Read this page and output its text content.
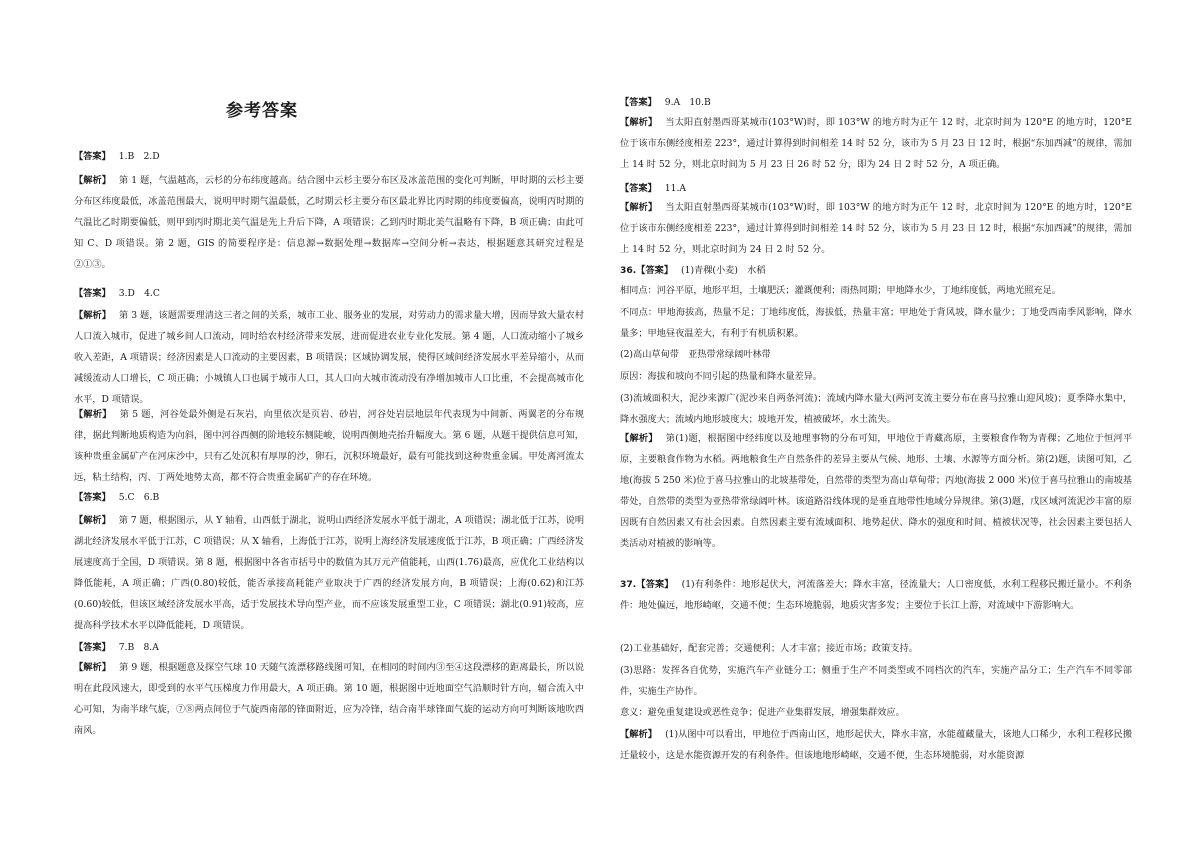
参考答案

【答案】 1.B　2.D

【解析】 第 1 题，气温越高，云杉的分布纬度越高。结合图中云杉主要分布区及冰盖范围的变化可判断，甲时期的云杉主要分布区纬度最低，冰盖范围最大，说明甲时期气温最低，乙时期云杉主要分布区最北界比丙时期的纬度要偏高，说明丙时期的气温比乙时期要偏低，则甲到丙时期北美气温是先上升后下降，A 项错误；乙到丙时期北美气温略有下降，B 项正确；由此可知 C、D 项错误。第 2 题，GIS 的简要程序是：信息源→数据处理→数据库→空间分析→表达，根据题意其研究过程是②①③。

【答案】 3.D　4.C

【解析】 第 3 题，该题需要理清这三者之间的关系，城市工业、服务业的发展，对劳动力的需求量大增，因而导致大量农村人口流入城市，促进了城乡间人口流动，同时给农村经济带来发展，进而促进农业专业化发展。第 4 题，人口流动缩小了城乡收入差距，A 项错误；经济因素是人口流动的主要因素，B 项错误；区域协调发展，使得区域间经济发展水平差异缩小，从而减缓流动人口增长，C 项正确；小城镇人口也属于城市人口，其人口向大城市流动没有净增加城市人口比重，不会提高城市化水平，D 项错误。

【解析】 第 5 题，河谷处最外侧是石灰岩，向里依次是页岩、砂岩，河谷处岩层地层年代表现为中间新、两翼老的分布规律，据此判断地质构造为向斜，图中河谷西侧的阶地较东侧陡峻，说明西侧地壳抬升幅度大。第 6 题，从题干提供信息可知，该种贵重金属矿产在河床沙中，只有乙处沉积有厚厚的沙，卵石，沉积环境最好，最有可能找到这种贵重金属。甲处离河流太远，粘土结构，丙、丁两处地势太高，都不符合贵重金属矿产的存在环境。

【答案】 5.C　6.B

【解析】 第 7 题，根据图示，从 Y 轴看，山西低于湖北，说明山西经济发展水平低于湖北，A 项错误；湖北低于江苏，说明湖北经济发展水平低于江苏，C 项错误；从 X 轴看，上海低于江苏，说明上海经济发展速度低于江苏，B 项正确；广西经济发展速度高于全国，D 项错误。第 8 题，根据图中各省市括号中的数值为其万元产值能耗，山西(1.76)最高，应优化工业结构以降低能耗，A 项正确；广西(0.80)较低，能否承接高耗能产业取决于广西的经济发展方向，B 项错误；上海(0.62)和江苏(0.60)较低，但该区域经济发展水平高，适于发展技术导向型产业，而不应该发展重型工业，C 项错误；湖北(0.91)较高，应提高科学技术水平以降低能耗，D 项错误。

【答案】 7.B　8.A

【解析】 第 9 题，根据题意及探空气球 10 天随气流漂移路线图可知，在相同的时间内③至④这段漂移的距离最长，所以说明在此段风速大，即受到的水平气压梯度力作用最大，A 项正确。第 10 题，根据图中近地面空气沿顺时针方向，辐合流入中心可知，为南半球气旋，⑦⑧两点间位于气旋西南部的锋面附近，应为冷锋，结合南半球锋面气旋的运动方向可判断该地吹西南风。

【答案】 9.A　10.B

【解析】 当太阳直射墨西哥某城市(103°W)时，即 103°W 的地方时为正午 12 时，北京时间为 120°E 的地方时，120°E 位于该市东侧经度相差 223°，通过计算得到时间相差 14 时 52 分，该市为 5 月 23 日 12 时，根据“东加西减”的规律，需加上 14 时 52 分，则北京时间为 5 月 23 日 26 时 52 分，即为 24 日 2 时 52 分，A 项正确。

【答案】 11.A

【解析】 当太阳直射墨西哥某城市(103°W)时，即 103°W 的地方时为正午 12 时，北京时间为 120°E 的地方时，120°E 位于该市东侧经度相差 223°，通过计算得到时间相差 14 时 52 分，该市为 5 月 23 日 12 时，根据“东加西减”的规律，需加上 14 时 52 分，则北京时间为 24 日 2 时 52 分。

36.【答案】 (1)青稞(小麦)　水稻

相同点：河谷平原，地形平坦，土壤肥沃；灌溉便利；雨热同期；甲地降水少，丁地纬度低，两地光照充足。

不同点：甲地海拔高，热量不足；丁地纬度低，海拔低，热量丰富；甲地处于背风坡，降水量少；丁地受西南季风影响，降水量多；甲地昼夜温差大，有利于有机质积累。

(2)高山草甸带　亚热带常绿阔叶林带

原因：海拔和坡向不同引起的热量和降水量差异。

(3)流域面积大，泥沙来源广(泥沙来自两条河流)；流域内降水量大(两河支流主要分布在喜马拉雅山迎风坡)；夏季降水集中，降水强度大；流域内地形坡度大；坡地开发，植被破坏，水土流失。

【解析】 第(1)题，根据图中经纬度以及地理事物的分布可知，甲地位于青藏高原，主要粮食作物为青稞；乙地位于恒河平原，主要粮食作物为水稻。两地粮食生产自然条件的差异主要从气候、地形、土壤、水源等方面分析。第(2)题，读图可知，乙地(海拔 5 250 米)位于喜马拉雅山的北坡基带处，自然带的类型为高山草甸带；丙地(海拔 2 000 米)位于喜马拉雅山的南坡基带处，自然带的类型为亚热带常绿阔叶林。该道路沿线体现的是垂直地带性地域分异规律。第(3)题，戊区域河流泥沙丰富的原因既有自然因素又有社会因素。自然因素主要有流域面积、地势起伏、降水的强度和时间、植被状况等，社会因素主要包括人类活动对植被的影响等。

37.【答案】 (1)有利条件：地形起伏大，河流落差大；降水丰富，径流量大；人口密度低，水利工程移民搬迁量小。不利条件：地处偏远，地形崎岖，交通不便；生态环境脆弱，地质灾害多发；主要位于长江上游，对流域中下游影响大。

(2)工业基础好，配套完善；交通便利；人才丰富；接近市场；政策支持。

(3)思路：发挥各自优势，实施汽车产业链分工；侧重于生产不同类型或不同档次的汽车，实施产品分工；生产汽车不同零部件，实施生产协作。

意义：避免重复建设或恶性竞争；促进产业集群发展，增强集群效应。

【解析】 (1)从图中可以看出，甲地位于西南山区，地形起伏大，降水丰富，水能蕴藏量大，该地人口稀少，水利工程移民搬迁量较小，这是水能资源开发的有利条件。但该地地形崎岖，交通不便，生态环境脆弱，对水能资源
